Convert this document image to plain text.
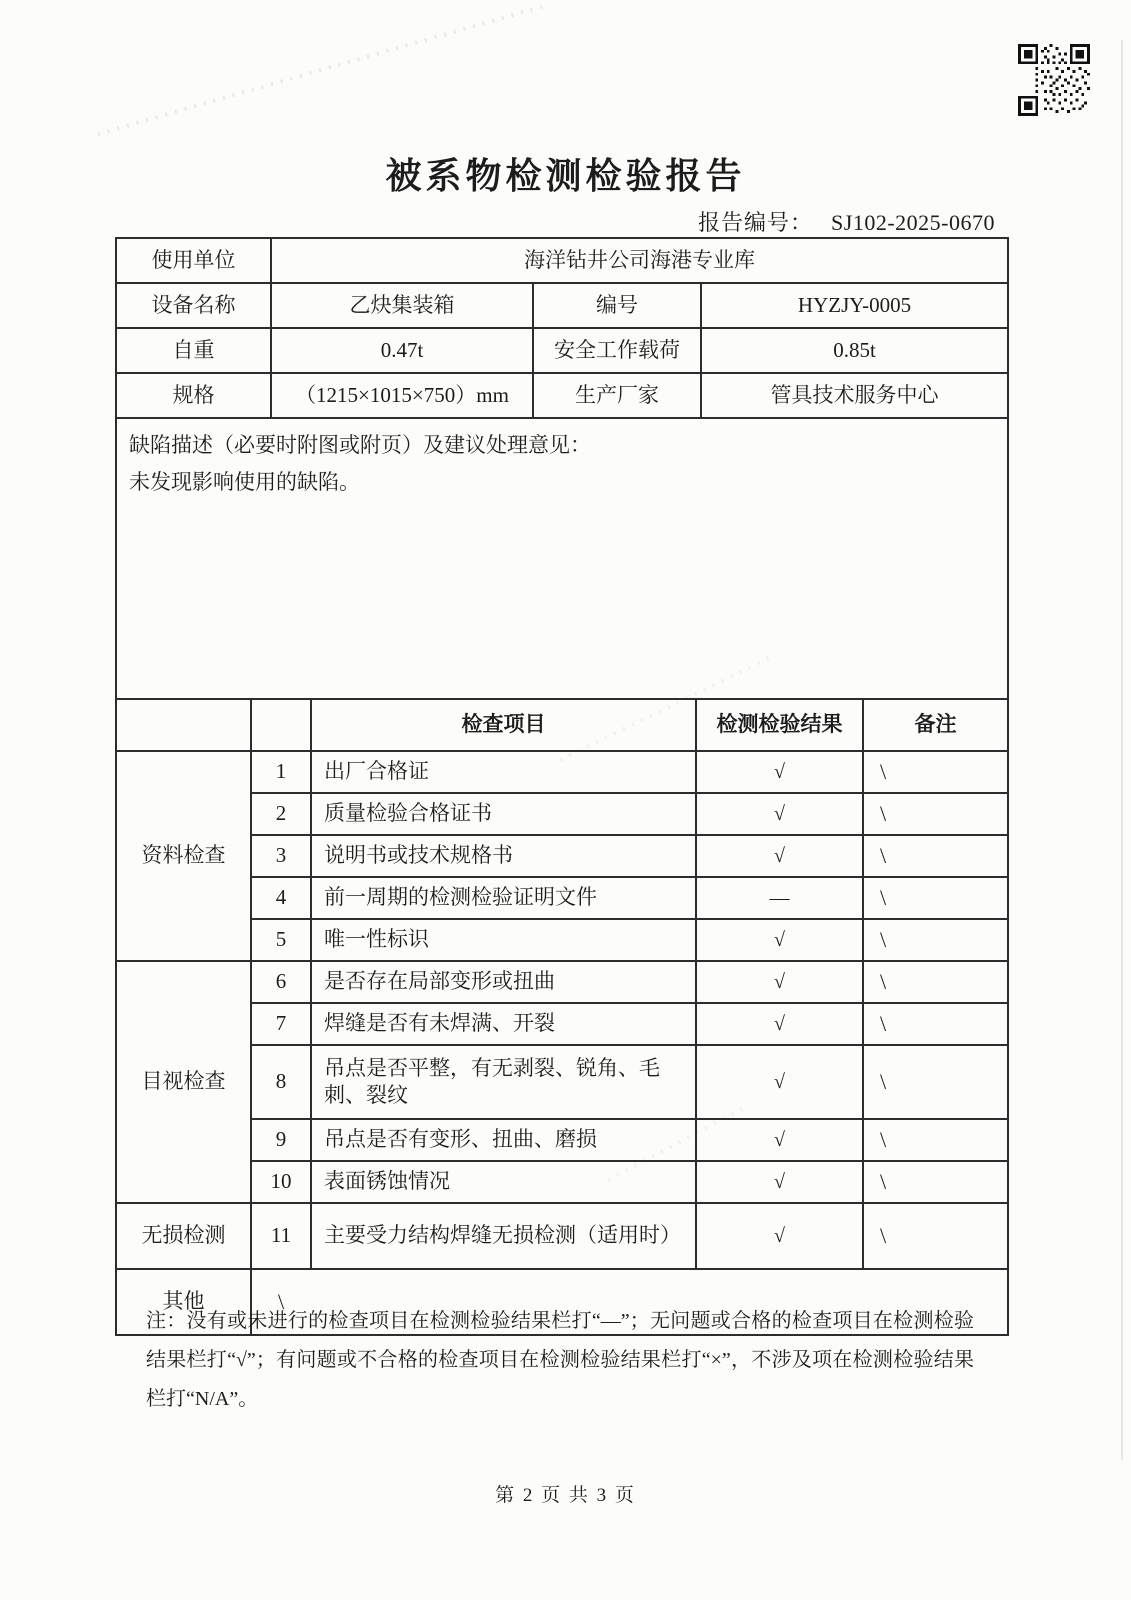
被系物检测检验报告
报告编号： SJ102-2025-0670
使用单位	海洋钻井公司海港专业库		
设备名称	乙炔集装箱	编号	HYZJY-0005
自重	0.47t	安全工作载荷	0.85t
规格	（1215×1015×750）mm	生产厂家	管具技术服务中心

缺陷描述（必要时附图或附页）及建议处理意见：
未发现影响使用的缺陷。			
		检查项目	检测检验结果	备注
资料检查	1	出厂合格证	√	\
	2	质量检验合格证书	√	\
	3	说明书或技术规格书	√	\
	4	前一周期的检测检验证明文件	—	\
	5	唯一性标识	√	\
目视检查	6	是否存在局部变形或扭曲	√	\
	7	焊缝是否有未焊满、开裂	√	\
	8	吊点是否平整，有无剥裂、锐角、毛刺、裂纹	√	\
	9	吊点是否有变形、扭曲、磨损	√	\
	10	表面锈蚀情况	√	\
无损检测	11	主要受力结构焊缝无损检测（适用时）	√	\
其他	\			
注：没有或未进行的检查项目在检测检验结果栏打“—”；无问题或合格的检查项目在检测检验结果栏打“√”；有问题或不合格的检查项目在检测检验结果栏打“×”，不涉及项在检测检验结果栏打“N/A”。
第 2 页 共 3 页
